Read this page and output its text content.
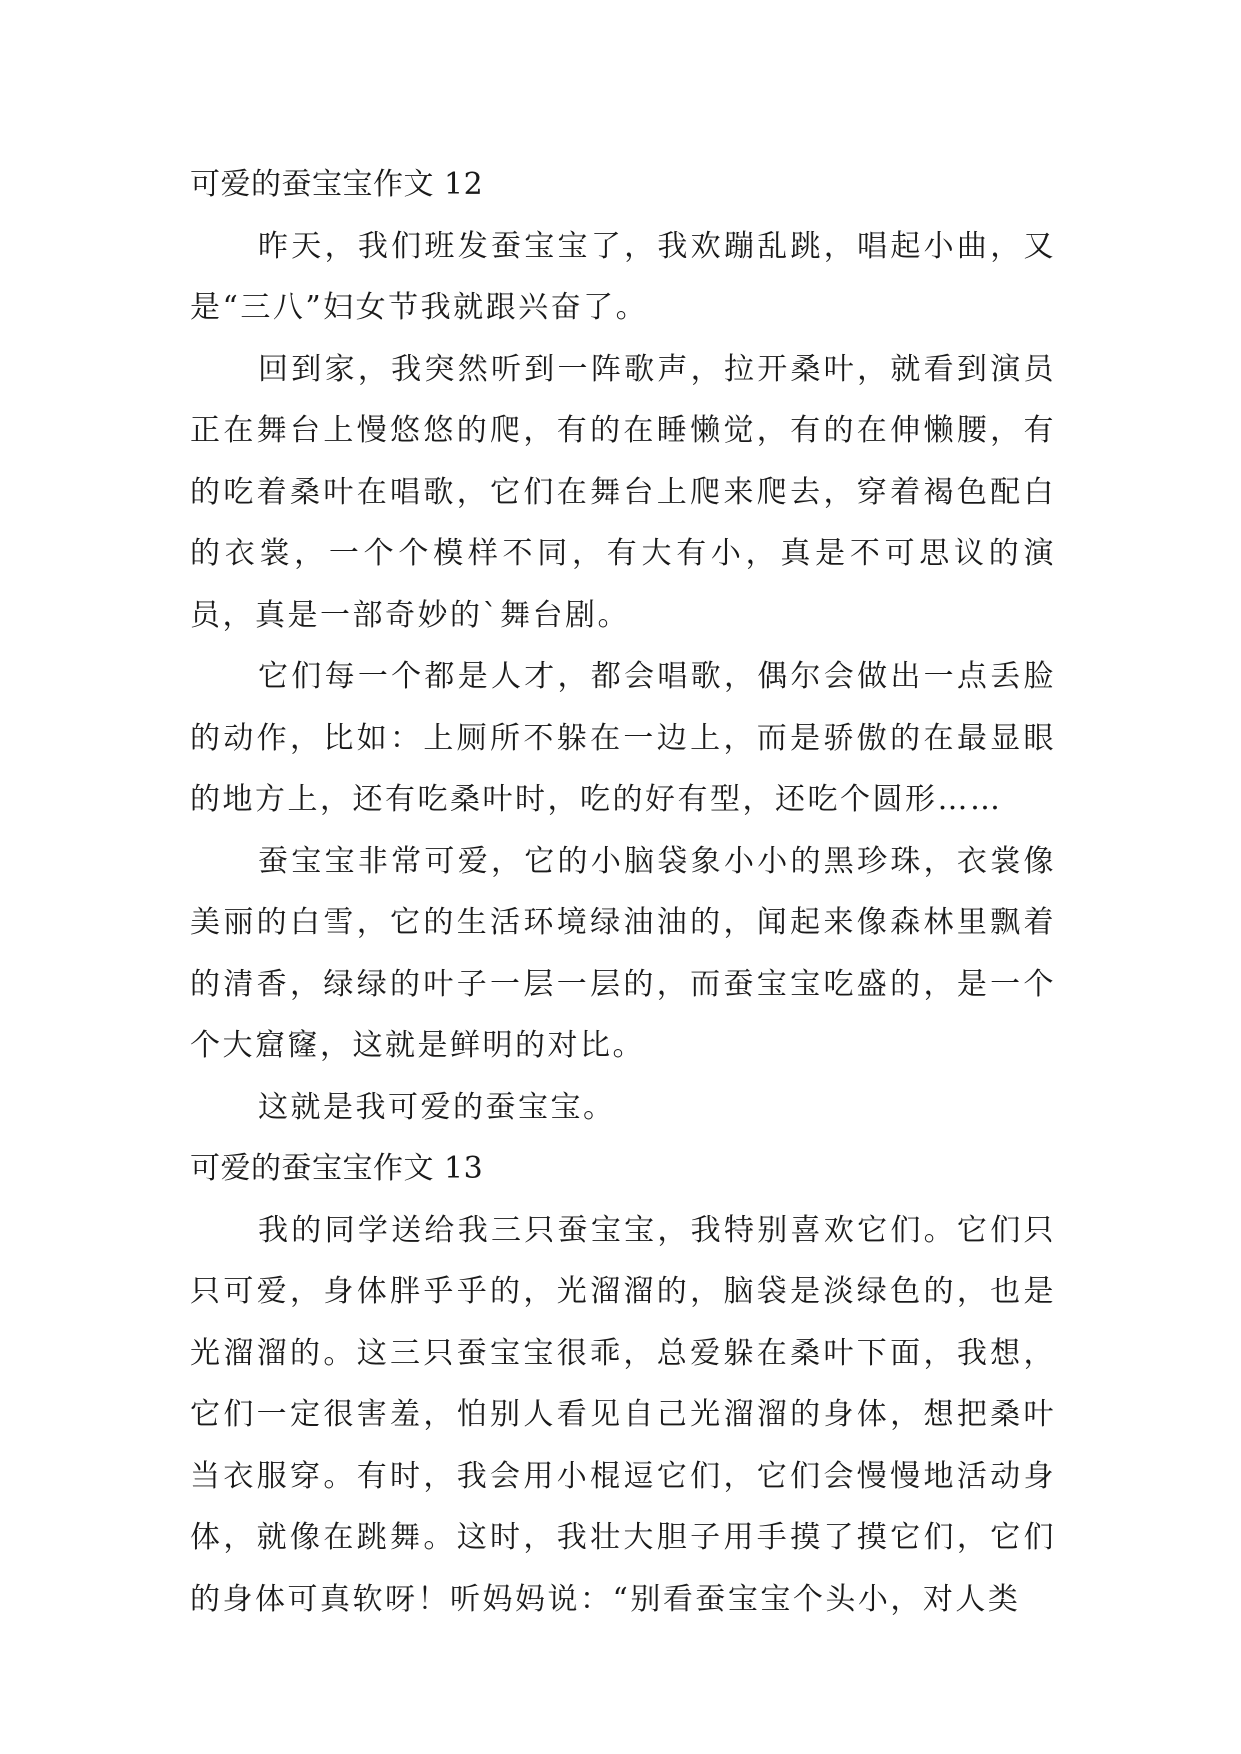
可爱的蚕宝宝作文 12

昨天，我们班发蚕宝宝了，我欢蹦乱跳，唱起小曲，又是“三八”妇女节我就跟兴奋了。

回到家，我突然听到一阵歌声，拉开桑叶，就看到演员正在舞台上慢悠悠的爬，有的在睡懒觉，有的在伸懒腰，有的吃着桑叶在唱歌，它们在舞台上爬来爬去，穿着褐色配白的衣裳，一个个模样不同，有大有小，真是不可思议的演员，真是一部奇妙的`舞台剧。

它们每一个都是人才，都会唱歌，偶尔会做出一点丢脸的动作，比如：上厕所不躲在一边上，而是骄傲的在最显眼的地方上，还有吃桑叶时，吃的好有型，还吃个圆形……

蚕宝宝非常可爱，它的小脑袋象小小的黑珍珠，衣裳像美丽的白雪，它的生活环境绿油油的，闻起来像森林里飘着的清香，绿绿的叶子一层一层的，而蚕宝宝吃盛的，是一个个大窟窿，这就是鲜明的对比。

这就是我可爱的蚕宝宝。

可爱的蚕宝宝作文 13

我的同学送给我三只蚕宝宝，我特别喜欢它们。它们只只可爱，身体胖乎乎的，光溜溜的，脑袋是淡绿色的，也是光溜溜的。这三只蚕宝宝很乖，总爱躲在桑叶下面，我想，它们一定很害羞，怕别人看见自己光溜溜的身体，想把桑叶当衣服穿。有时，我会用小棍逗它们，它们会慢慢地活动身体，就像在跳舞。这时，我壮大胆子用手摸了摸它们，它们的身体可真软呀！听妈妈说：“别看蚕宝宝个头小，对人类
